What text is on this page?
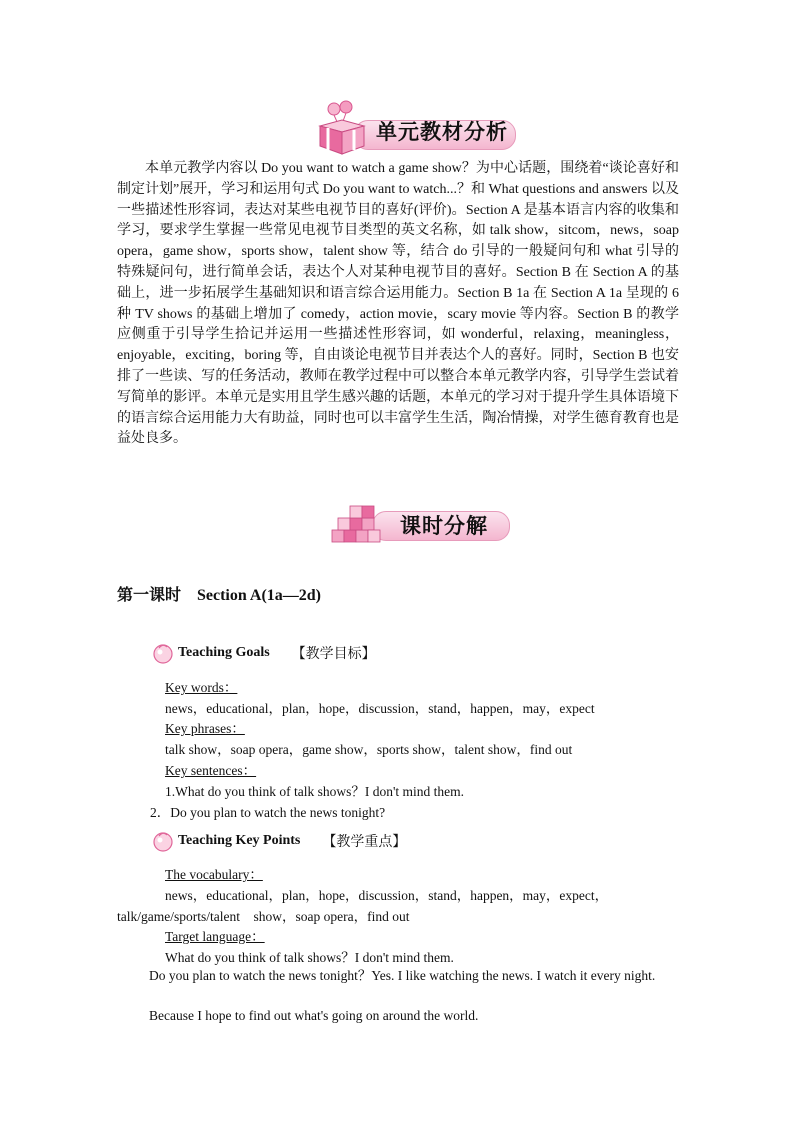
单元教材分析

本单元教学内容以 Do you want to watch a game show？为中心话题，围绕着“谈论喜好和制定计划”展开，学习和运用句式 Do you want to watch...？和 What questions and answers 以及一些描述性形容词，表达对某些电视节目的喜好(评价)。Section A 是基本语言内容的收集和学习，要求学生掌握一些常见电视节目类型的英文名称，如 talk show，sitcom，news，soap opera，game show，sports show，talent show 等，结合 do 引导的一般疑问句和 what 引导的特殊疑问句，进行简单会话，表达个人对某种电视节目的喜好。Section B 在 Section A 的基础上，进一步拓展学生基础知识和语言综合运用能力。Section B 1a 在 Section A 1a 呈现的 6 种 TV shows 的基础上增加了 comedy，action movie，scary movie 等内容。Section B 的教学应侧重于引导学生拾记并运用一些描述性形容词，如 wonderful，relaxing，meaningless，enjoyable，exciting，boring 等，自由谈论电视节目并表达个人的喜好。同时，Section B 也安排了一些读、写的任务活动，教师在教学过程中可以整合本单元教学内容，引导学生尝试着写简单的影评。本单元是实用且学生感兴趣的话题，本单元的学习对于提升学生具体语境下的语言综合运用能力大有助益，同时也可以丰富学生生活，陶冶情操，对学生德育教育也是益处良多。

课时分解
第一课时　Section A(1a—2d)
Teaching Goals 【教学目标】
Key words：
news，educational，plan，hope，discussion，stand，happen，may，expect
Key phrases：
talk show，soap opera，game show，sports show，talent show，find out
Key sentences：
1.What do you think of talk shows？I don't mind them.
2．Do you plan to watch the news tonight?
Teaching Key Points 【教学重点】
The vocabulary：
news，educational，plan，hope，discussion，stand，happen，may，expect，
talk/game/sports/talent　show，soap opera，find out
Target language：
What do you think of talk shows？I don't mind them.

Do you plan to watch the news tonight？Yes. I like watching the news. I watch it every night.

Because I hope to find out what's going on around the world.
